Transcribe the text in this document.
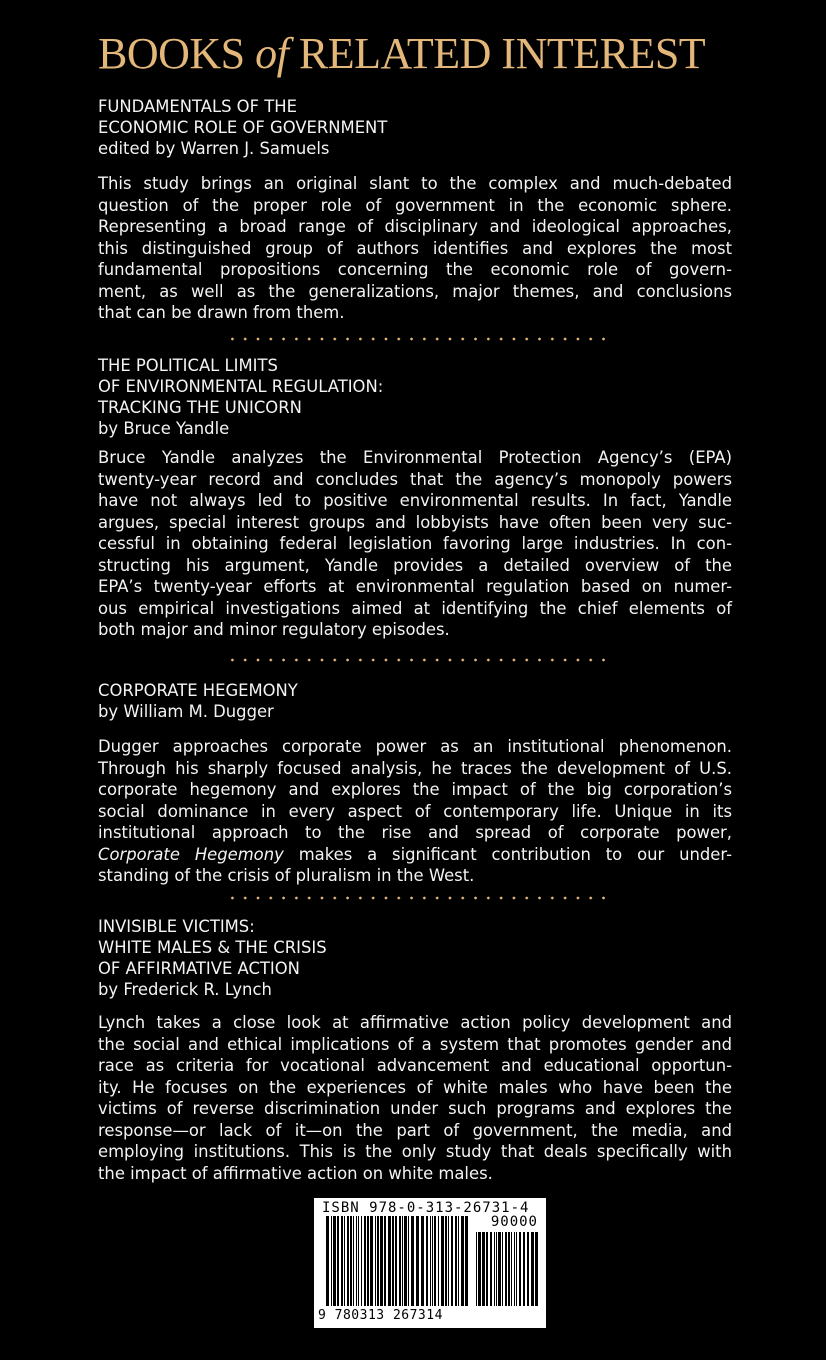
BOOKS of RELATED INTEREST
FUNDAMENTALS OF THE
ECONOMIC ROLE OF GOVERNMENT
edited by Warren J. Samuels
This study brings an original slant to the complex and much-debated
question of the proper role of government in the economic sphere.
Representing a broad range of disciplinary and ideological approaches,
this distinguished group of authors identifies and explores the most
fundamental propositions concerning the economic role of govern-
ment, as well as the generalizations, major themes, and conclusions
that can be drawn from them.
THE POLITICAL LIMITS
OF ENVIRONMENTAL REGULATION:
TRACKING THE UNICORN
by Bruce Yandle
Bruce Yandle analyzes the Environmental Protection Agency’s (EPA)
twenty-year record and concludes that the agency’s monopoly powers
have not always led to positive environmental results. In fact, Yandle
argues, special interest groups and lobbyists have often been very suc-
cessful in obtaining federal legislation favoring large industries. In con-
structing his argument, Yandle provides a detailed overview of the
EPA’s twenty-year efforts at environmental regulation based on numer-
ous empirical investigations aimed at identifying the chief elements of
both major and minor regulatory episodes.
CORPORATE HEGEMONY
by William M. Dugger
Dugger approaches corporate power as an institutional phenomenon.
Through his sharply focused analysis, he traces the development of U.S.
corporate hegemony and explores the impact of the big corporation’s
social dominance in every aspect of contemporary life. Unique in its
institutional approach to the rise and spread of corporate power,
Corporate Hegemony makes a significant contribution to our under-
standing of the crisis of pluralism in the West.
INVISIBLE VICTIMS:
WHITE MALES & THE CRISIS
OF AFFIRMATIVE ACTION
by Frederick R. Lynch
Lynch takes a close look at affirmative action policy development and
the social and ethical implications of a system that promotes gender and
race as criteria for vocational advancement and educational opportun-
ity. He focuses on the experiences of white males who have been the
victims of reverse discrimination under such programs and explores the
response—or lack of it—on the part of government, the media, and
employing institutions. This is the only study that deals specifically with
the impact of affirmative action on white males.
ISBN 978-0-313-26731-4
90000
9 780313 267314
